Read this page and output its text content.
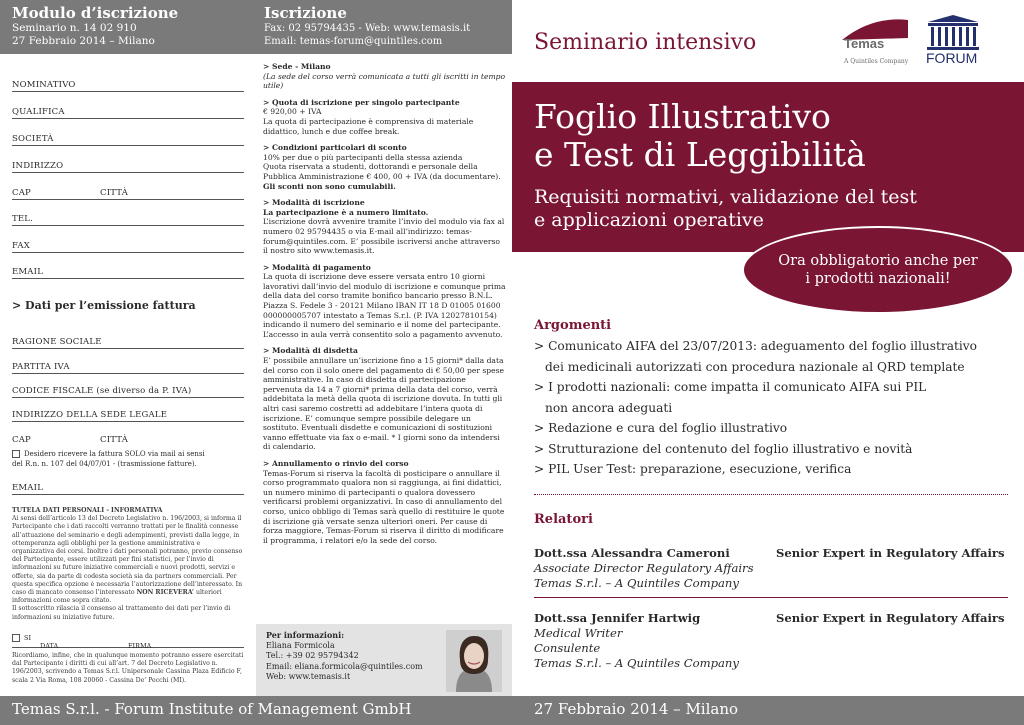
Modulo d’iscrizione
Seminario n. 14 02 910
27 Febbraio 2014 – Milano
NOMINATIVO
QUALIFICA
SOCIETÀ
INDIRIZZO
CAP	CITTÀ
TEL.
FAX
EMAIL
> Dati per l’emissione fattura
RAGIONE SOCIALE
PARTITA IVA
CODICE FISCALE (se diverso da P. IVA)
INDIRIZZO DELLA SEDE LEGALE
CAP	CITTÀ
Desidero ricevere la fattura SOLO via mail ai sensi del R.n. n. 107 del 04/07/01 - (trasmissione fatture).
EMAIL
TUTELA DATI PERSONALI - INFORMATIVA
Ai sensi dell’articolo 13 del Decreto Legislativo n. 196/2003, si informa il Partecipante che i dati raccolti verranno trattati per le finalità connesse all’attuazione del seminario e degli adempimenti, previsti dalla legge, in ottemperanza agli obblighi per la gestione amministrativa e organizzativa dei corsi. Inoltre i dati personali potranno, previo consenso del Partecipante, essere utilizzati per fini statistici, per l’invio di informazioni su future iniziative commerciali e nuovi prodotti, servizi e offerte, sia da parte di codesta società sia da partners commerciali. Per questa specifica opzione è necessaria l’autorizzazione dell’interessato. In caso di mancato consenso l’interessato NON RICEVERA’ ulteriori informazioni come sopra citato.
Il sottoscritto rilascia il consenso al trattamento dei dati per l’invio di informazioni su iniziative future.
SI
DATA	FIRMA
Ricordiamo, infine, che in qualunque momento potranno essere esercitati dal Partecipante i diritti di cui all’art. 7 del Decreto Legislativo n. 196/2003, scrivendo a Temas S.r.l. Unipersonale Cassina Plaza Edificio F, scala 2 Via Roma, 108 20060 - Cassina De’ Pecchi (MI).
Iscrizione
Fax: 02 95794435 - Web: www.temasis.it
Email: temas-forum@quintiles.com
> Sede - Milano
(La sede del corso verrà comunicata a tutti gli iscritti in tempo utile)
> Quota di iscrizione per singolo partecipante
€ 920,00 + IVA
La quota di partecipazione è comprensiva di materiale didattico, lunch e due coffee break.
> Condizioni particolari di sconto
10% per due o più partecipanti della stessa azienda
Quota riservata a studenti, dottorandi e personale della Pubblica Amministrazione € 400, 00 + IVA (da documentare).
Gli sconti non sono cumulabili.
> Modalità di iscrizione
La partecipazione è a numero limitato.
L’iscrizione dovrà avvenire tramite l’invio del modulo via fax al numero 02 95794435 o via E-mail all’indirizzo: temas-forum@quintiles.com. E’ possibile iscriversi anche attraverso il nostro sito www.temasis.it.
> Modalità di pagamento
La quota di iscrizione deve essere versata entro 10 giorni lavorativi dall’invio del modulo di iscrizione e comunque prima della data del corso tramite bonifico bancario presso B.N.L. Piazza S. Fedele 3 - 20121 Milano IBAN IT 18 D 01005 01600 000000005707 intestato a Temas S.r.l. (P. IVA 12027810154) indicando il numero del seminario e il nome del partecipante. L’accesso in aula verrà consentito solo a pagamento avvenuto.
> Modalità di disdetta
E’ possibile annullare un’iscrizione fino a 15 giorni* dalla data del corso con il solo onere del pagamento di € 50,00 per spese amministrative. In caso di disdetta di partecipazione pervenuta da 14 a 7 giorni* prima della data del corso, verrà addebitata la metà della quota di iscrizione dovuta. In tutti gli altri casi saremo costretti ad addebitare l’intera quota di iscrizione. E’ comunque sempre possibile delegare un sostituto. Eventuali disdette e comunicazioni di sostituzioni vanno effettuate via fax o e-mail. * I giorni sono da intendersi di calendario.
> Annullamento o rinvio del corso
Temas-Forum si riserva la facoltà di posticipare o annullare il corso programmato qualora non si raggiunga, ai fini didattici, un numero minimo di partecipanti o qualora dovessero verificarsi problemi organizzativi. In caso di annullamento del corso, unico obbligo di Temas sarà quello di restituire le quote di iscrizione già versate senza ulteriori oneri. Per cause di forza maggiore, Temas-Forum si riserva il diritto di modificare il programma, i relatori e/o la sede del corso.
Per informazioni:
Eliana Formicola
Tel.: +39 02 95794342
Email: eliana.formicola@quintiles.com
Web: www.temasis.it
Seminario intensivo	Temas
A Quintiles Company FORUM
Foglio Illustrativo
e Test di Leggibilità
Requisiti normativi, validazione del test
e applicazioni operative
Ora obbligatorio anche per i prodotti nazionali!
Argomenti
> Comunicato AIFA del 23/07/2013: adeguamento del foglio illustrativo
dei medicinali autorizzati con procedura nazionale al QRD template
> I prodotti nazionali: come impatta il comunicato AIFA sui PIL
non ancora adeguati
> Redazione e cura del foglio illustrativo
> Strutturazione del contenuto del foglio illustrativo e novità
> PIL User Test: preparazione, esecuzione, verifica
Relatori
Dott.ssa Alessandra Cameroni	Senior Expert in Regulatory Affairs
Associate Director Regulatory Affairs
Temas S.r.l. – A Quintiles Company
Dott.ssa Jennifer Hartwig	Senior Expert in Regulatory Affairs
Medical Writer
Consulente
Temas S.r.l. – A Quintiles Company
Temas S.r.l. - Forum Institute of Management GmbH	27 Febbraio 2014 – Milano
